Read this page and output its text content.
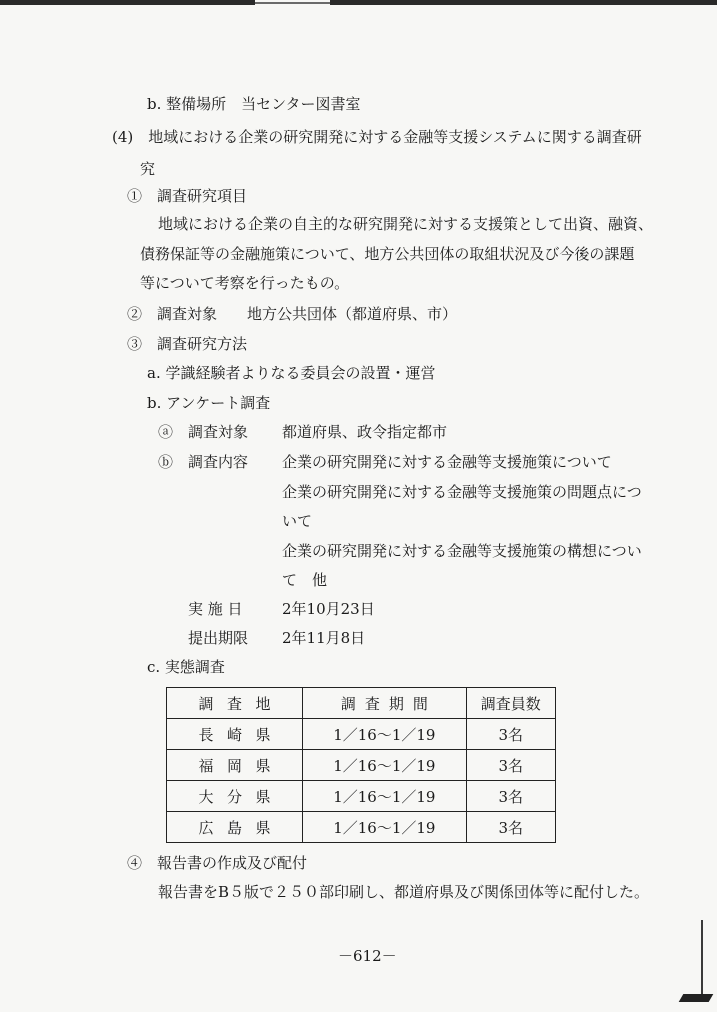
b. 整備場所　当センター図書室
(4)　地域における企業の研究開発に対する金融等支援システムに関する調査研
究
①　調査研究項目
地域における企業の自主的な研究開発に対する支援策として出資、融資、
債務保証等の金融施策について、地方公共団体の取組状況及び今後の課題
等について考察を行ったもの。
②　調査対象　　地方公共団体（都道府県、市）
③　調査研究方法
a. 学識経験者よりなる委員会の設置・運営
b. アンケート調査
ⓐ　調査対象 都道府県、政令指定都市
ⓑ　調査内容 企業の研究開発に対する金融等支援施策について
企業の研究開発に対する金融等支援施策の問題点につ
いて
企業の研究開発に対する金融等支援施策の構想につい
て　他
実 施 日	2年10月23日
提出期限 2年11月8日
c. 実態調査
調査地	調査期間	調査員数
長崎県	1／16〜1／19	3名
福岡県	1／16〜1／19	3名
大分県	1／16〜1／19	3名
広島県	1／16〜1／19	3名
④　報告書の作成及び配付
報告書をB５版で２５０部印刷し、都道府県及び関係団体等に配付した。
－612－
